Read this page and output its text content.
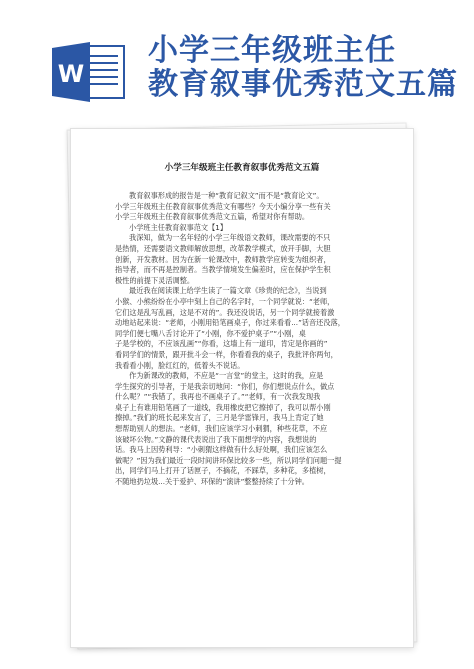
W
小学三年级班主任
教育叙事优秀范文五篇
小学三年级班主任教育叙事优秀范文五篇
教育叙事形成的报告是一种“教育记叙文”而不是“教育论文”。
小学三年级班主任教育叙事优秀范文有哪些？今天小编分享一些有关
小学三年级班主任教育叙事优秀范文五篇，希望对你有帮助。
小学班主任教育叙事范文【1】
我深知，做为一名年轻的小学三年级语文教师，课改需要的不只
是热情，还需要语文教师解放思想，改革教学模式，放开手脚，大胆
创新，开发教材。因为在新一轮课改中，教师教学应转变为组织者，
指导者，而不再是控制者。当教学情境发生偏差时，应在保护学生积
极性的前提下灵活调整。
最近我在阅读课上给学生读了一篇文章《珍贵的纪念》，当说到
小猴、小熊纷纷在小亭中刻上自己的名字时，一个同学就说：“老师，
它们这是乱写乱画，这是不对的”。我还没说话，另一个同学就接着激
动地站起来说：“老师，小刚用铅笔画桌子，你过来看看...”话音还没落，
同学们便七嘴八舌讨论开了“小刚，你不爱护桌子”“小刚，桌
子是学校的，不应该乱画”“你看，这墙上有一道印，肯定是你画的”
看同学们的情景，跟开批斗会一样，你看看我的桌子，我批评你两句，
我看看小刚，脸红红的，低着头不说话。
作为新课改的教师，不应是“一言堂”的堂主，这时的我，应是
学生探究的引导者，于是我亲切地问：“你们，你们想说点什么，做点
什么呢？”“我错了，我再也不画桌子了。”“老师，有一次我发现我
桌子上有谁用铅笔画了一道线，我用橡皮把它擦掉了，我可以帮小刚
擦掉。”我们的班长起来发言了，三月是学雷锋月，我马上肯定了她
想帮助别人的想法。“老师，我们应该学习小刺猬，种些花草，不应
该破坏公物。”文静的课代表说出了我下面想学的内容，我想说的
话。我马上因势利导：“小刺猬这样做有什么好处啊，我们应该怎么
做呢？”因为我们最近一段时间讲环保比较多一些，所以同学们问题一提
出，同学们马上打开了话匣子，不摘花，不踩草，多种花，多植树，
不随地扔垃圾...关于爱护、环保的“演讲”整整持续了十分钟。
